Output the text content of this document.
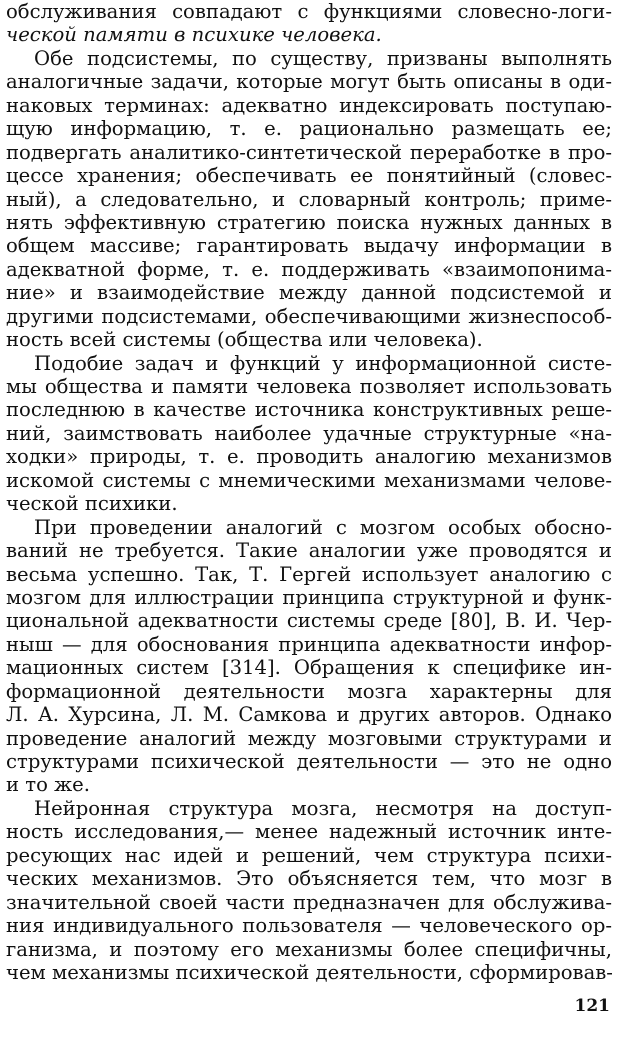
обслуживания совпадают с функциями словесно-логи-
ческой памяти в психике человека.
Обе подсистемы, по существу, призваны выполнять
аналогичные задачи, которые могут быть описаны в оди-
наковых терминах: адекватно индексировать поступаю-
щую информацию, т. е. рационально размещать ее;
подвергать аналитико-синтетической переработке в про-
цессе хранения; обеспечивать ее понятийный (словес-
ный), а следовательно, и словарный контроль; приме-
нять эффективную стратегию поиска нужных данных в
общем массиве; гарантировать выдачу информации в
адекватной форме, т. е. поддерживать «взаимопонима-
ние» и взаимодействие между данной подсистемой и
другими подсистемами, обеспечивающими жизнеспособ-
ность всей системы (общества или человека).
Подобие задач и функций у информационной систе-
мы общества и памяти человека позволяет использовать
последнюю в качестве источника конструктивных реше-
ний, заимствовать наиболее удачные структурные «на-
ходки» природы, т. е. проводить аналогию механизмов
искомой системы с мнемическими механизмами челове-
ческой психики.
При проведении аналогий с мозгом особых обосно-
ваний не требуется. Такие аналогии уже проводятся и
весьма успешно. Так, Т. Гергей использует аналогию с
мозгом для иллюстрации принципа структурной и функ-
циональной адекватности системы среде [80], В. И. Чер-
ныш — для обоснования принципа адекватности инфор-
мационных систем [314]. Обращения к специфике ин-
формационной деятельности мозга характерны для
Л. А. Хурсина, Л. М. Самкова и других авторов. Однако
проведение аналогий между мозговыми структурами и
структурами психической деятельности — это не одно
и то же.
Нейронная структура мозга, несмотря на доступ-
ность исследования,— менее надежный источник инте-
ресующих нас идей и решений, чем структура психи-
ческих механизмов. Это объясняется тем, что мозг в
значительной своей части предназначен для обслужива-
ния индивидуального пользователя — человеческого ор-
ганизма, и поэтому его механизмы более специфичны,
чем механизмы психической деятельности, сформировав-
121
